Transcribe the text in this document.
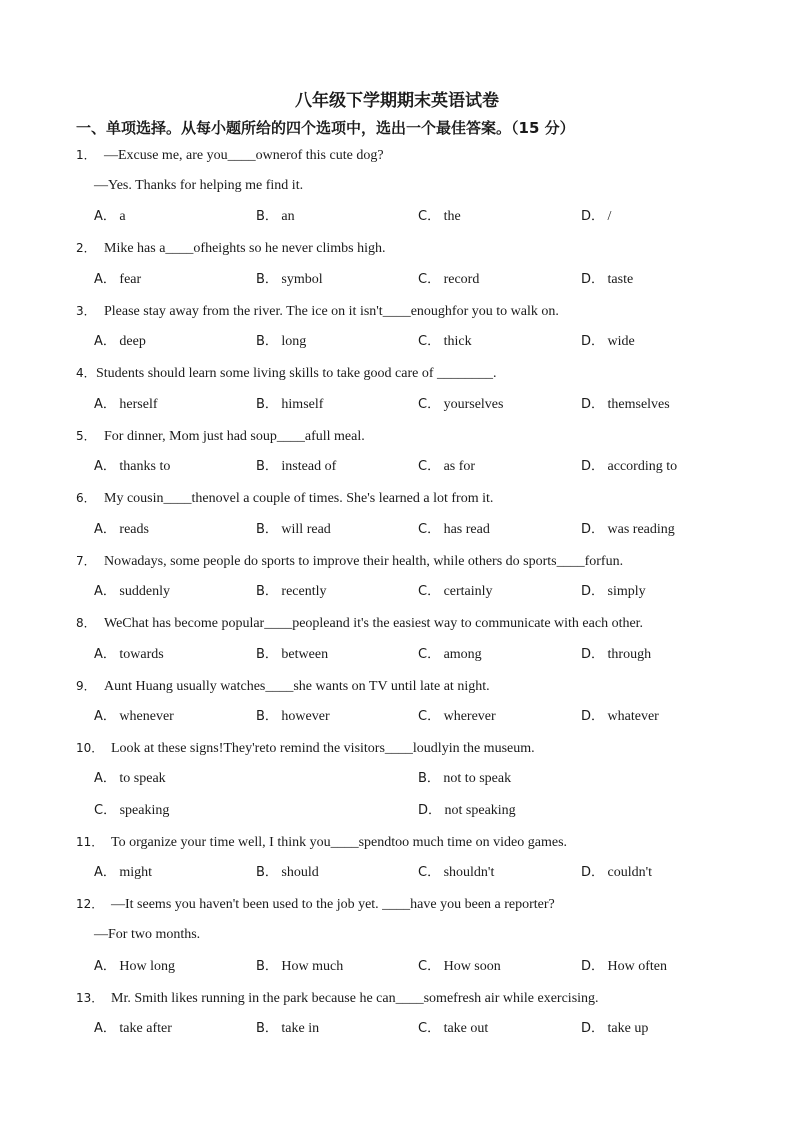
八年级下学期期末英语试卷
一、单项选择。从每小题所给的四个选项中，选出一个最佳答案。（15 分）
1． —Excuse me, are you____ownerof this cute dog?
—Yes. Thanks for helping me find it.
A． a	B． an	C． the	D． /
2． Mike has a____ofheights so he never climbs high.
A． fear	B． symbol	C． record	D． taste
3． Please stay away from the river. The ice on it isn't____enoughfor you to walk on.
A． deep	B． long	C． thick	D． wide
4．Students should learn some living skills to take good care of ________.
A． herself	B． himself	C． yourselves	D． themselves
5． For dinner, Mom just had soup____afull meal.
A． thanks to	B． instead of	C． as for	D． according to
6． My cousin____thenovel a couple of times. She's learned a lot from it.
A． reads	B． will read	C． has read	D． was reading
7． Nowadays, some people do sports to improve their health, while others do sports____forfun.
A． suddenly	B． recently	C． certainly	D． simply
8． WeChat has become popular____peopleand it's the easiest way to communicate with each other.
A． towards	B． between	C． among	D． through
9． Aunt Huang usually watches____she wants on TV until late at night.
A． whenever	B． however	C． wherever	D． whatever
10． Look at these signs!They'reto remind the visitors____loudlyin the museum.
A． to speak	B． not to speak
C． speaking	D． not speaking
11． To organize your time well, I think you____spendtoo much time on video games.
A． might	B． should	C． shouldn't	D． couldn't
12． —It seems you haven't been used to the job yet. ____have you been a reporter?
—For two months.
A． How long	B． How much	C． How soon	D． How often
13． Mr. Smith likes running in the park because he can____somefresh air while exercising.
A． take after	B． take in	C． take out	D． take up
